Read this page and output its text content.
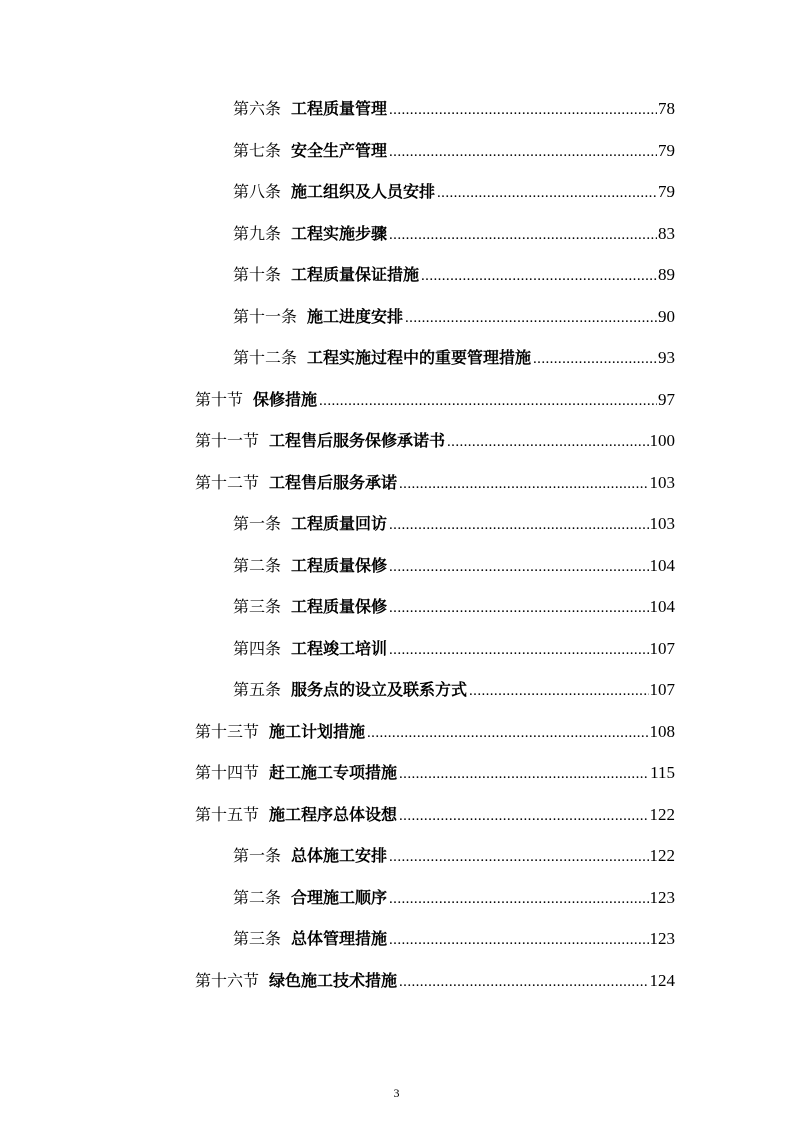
第六条 工程质量管理 .....	78
第七条 安全生产管理 .....	79
第八条 施工组织及人员安排 .....	79
第九条 工程实施步骤 .....	83
第十条 工程质量保证措施 .....	89
第十一条 施工进度安排 .....	90
第十二条 工程实施过程中的重要管理措施 .....	93
第十节 保修措施 .....	97
第十一节 工程售后服务保修承诺书 .....	100
第十二节 工程售后服务承诺 .....	103
第一条 工程质量回访 .....	103
第二条 工程质量保修 .....	104
第三条 工程质量保修 .....	104
第四条 工程竣工培训 .....	107
第五条 服务点的设立及联系方式 .....	107
第十三节 施工计划措施 .....	108
第十四节 赶工施工专项措施 .....	115
第十五节 施工程序总体设想 .....	122
第一条 总体施工安排 .....	122
第二条 合理施工顺序 .....	123
第三条 总体管理措施 .....	123
第十六节 绿色施工技术措施 .....	124
3
